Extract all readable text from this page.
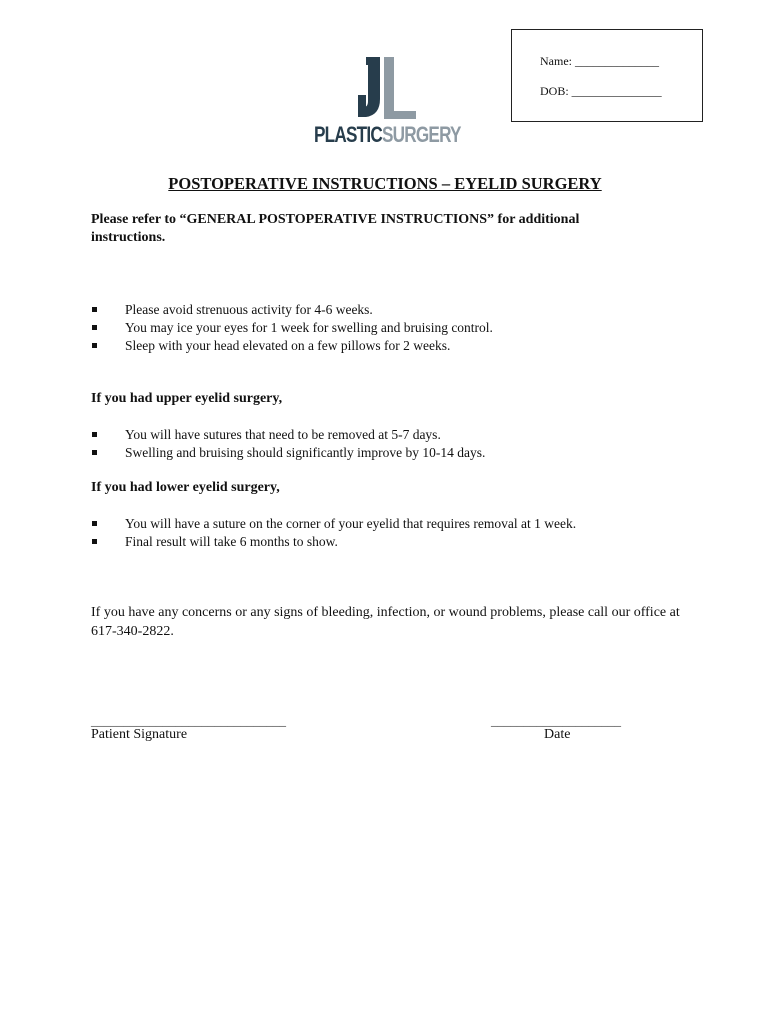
Name: ______________
DOB: _______________
PLASTICSURGERY
POSTOPERATIVE INSTRUCTIONS – EYELID SURGERY
Please refer to “GENERAL POSTOPERATIVE INSTRUCTIONS” for additional instructions.
Please avoid strenuous activity for 4-6 weeks.
You may ice your eyes for 1 week for swelling and bruising control.
Sleep with your head elevated on a few pillows for 2 weeks.
If you had upper eyelid surgery,
You will have sutures that need to be removed at 5-7 days.
Swelling and bruising should significantly improve by 10-14 days.
If you had lower eyelid surgery,
You will have a suture on the corner of your eyelid that requires removal at 1 week.
Final result will take 6 months to show.
If you have any concerns or any signs of bleeding, infection, or wound problems, please call our office at 617-340-2822.
______________________________	____________________
Patient Signature	Date
